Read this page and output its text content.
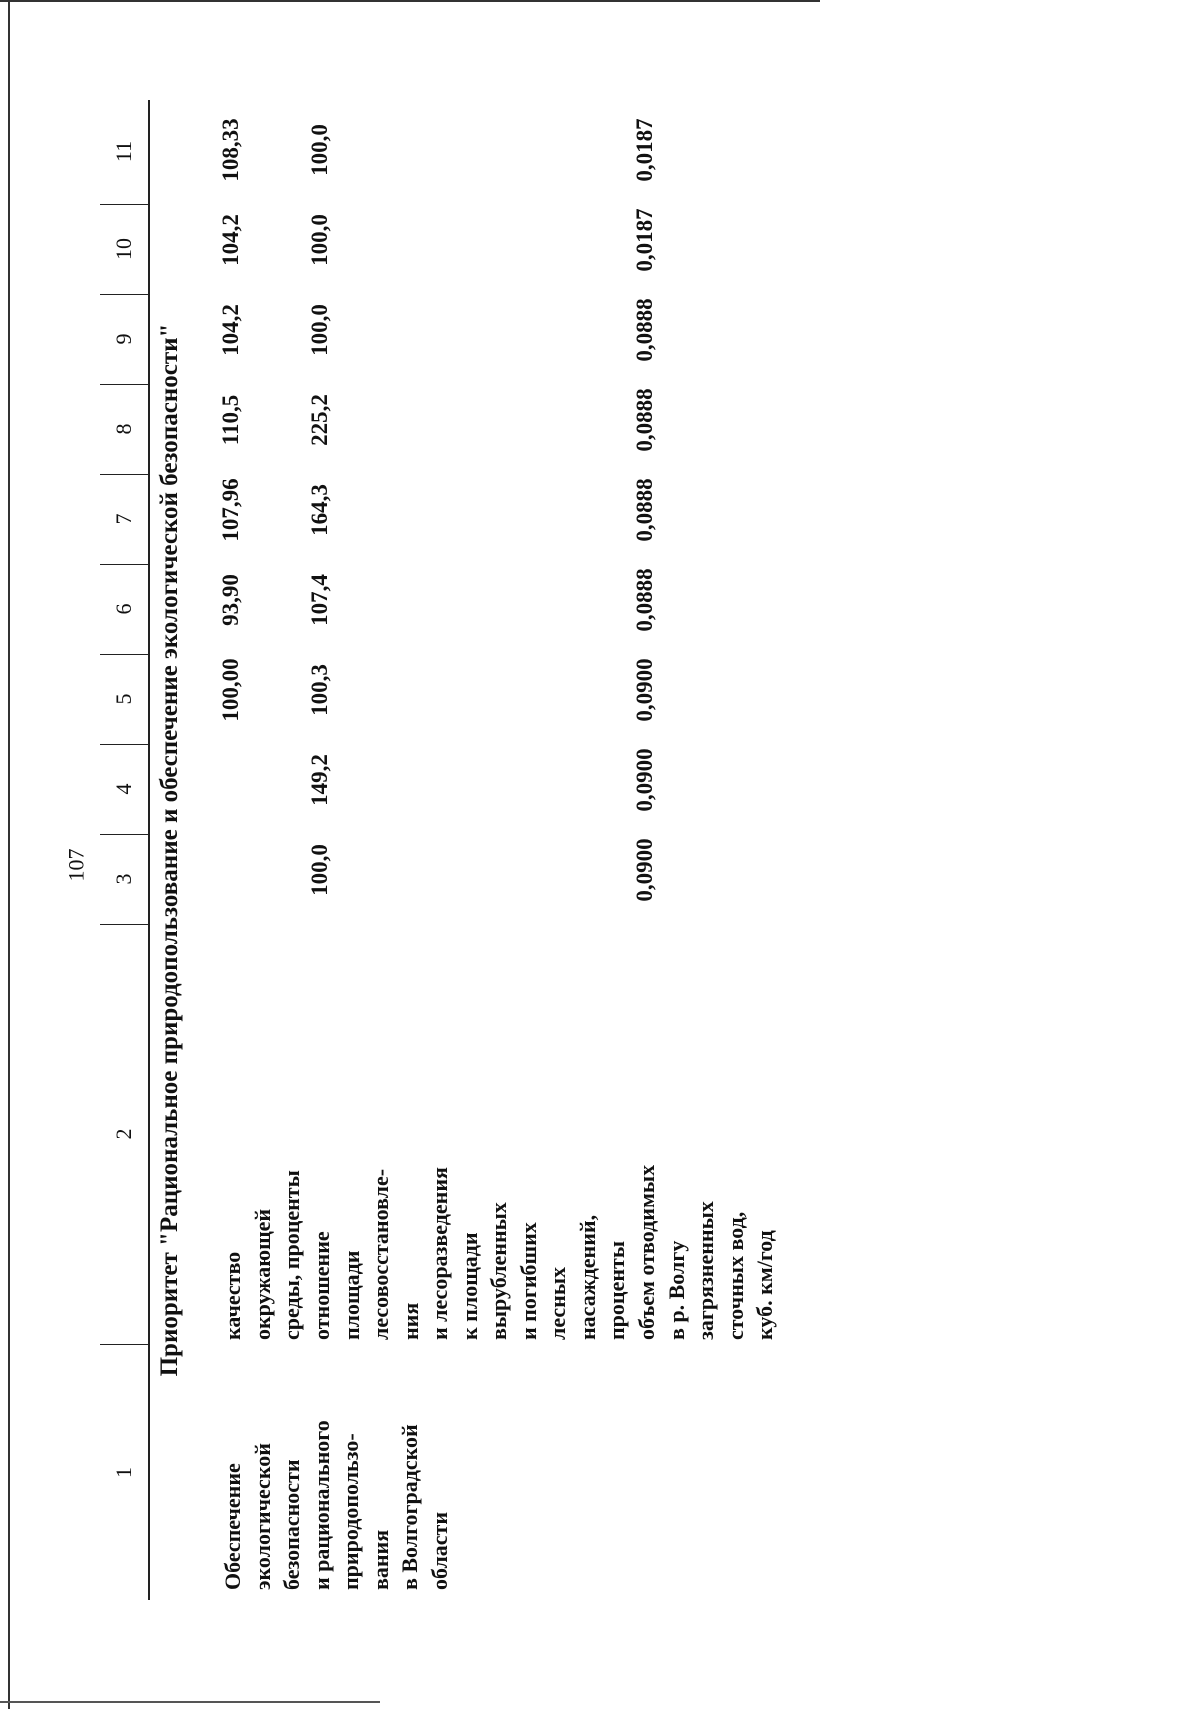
107
1
2
3
4
5
6
7
8
9
10
11
Приоритет "Рациональное природопользование и обеспечение экологической безопасности"
Обеспечение экологической безопасности и рационального природопользо- вания в Волгоградской области
качество окружающей среды, проценты
100,00
93,90
107,96
110,5
104,2
104,2
108,33
отношение площади лесовосстановле- ния и лесоразведения к площади вырубленных и погибших лесных насаждений, проценты
100,0
149,2
100,3
107,4
164,3
225,2
100,0
100,0
100,0
объем отводимых в р. Волгу загрязненных сточных вод, куб. км/год
0,0900
0,0900
0,0900
0,0888
0,0888
0,0888
0,0888
0,0187
0,0187
